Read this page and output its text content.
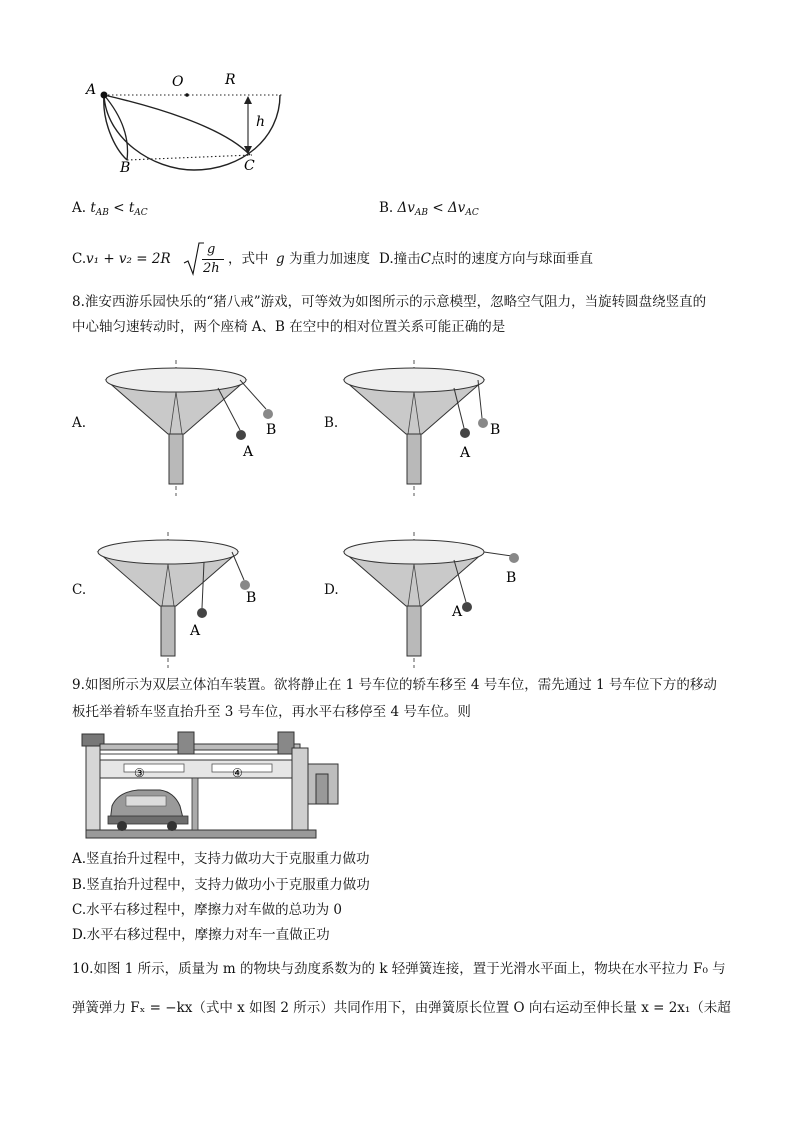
A	O	R
h
B	C
A. $t_{AB} < t_{AC}$	B. $\Delta v_{AB} < \Delta v_{AC}$
C. v₁ + v₂ = 2R
g
2h
，式中 g 为重力加速度 D.撞击C点时的速度方向与球面垂直
8.淮安西游乐园快乐的“猪八戒”游戏，可等效为如图所示的示意模型，忽略空气阻力，当旋转圆盘绕竖直的
中心轴匀速转动时，两个座椅 A、B 在空中的相对位置关系可能正确的是
A.
A
B	B.
A
B
C.
A
B	D.
A
B
9.如图所示为双层立体泊车装置。欲将静止在 1 号车位的轿车移至 4 号车位，需先通过 1 号车位下方的移动
板托举着轿车竖直抬升至 3 号车位，再水平右移停至 4 号车位。则
③	④
A.竖直抬升过程中，支持力做功大于克服重力做功
B.竖直抬升过程中，支持力做功小于克服重力做功
C.水平右移过程中，摩擦力对车做的总功为 0
D.水平右移过程中，摩擦力对车一直做正功
10.如图 1 所示，质量为 m 的物块与劲度系数为的 k 轻弹簧连接，置于光滑水平面上，物块在水平拉力 F₀ 与
弹簧弹力 Fₓ = −kx（式中 x 如图 2 所示）共同作用下，由弹簧原长位置 O 向右运动至伸长量 x = 2x₁（未超
